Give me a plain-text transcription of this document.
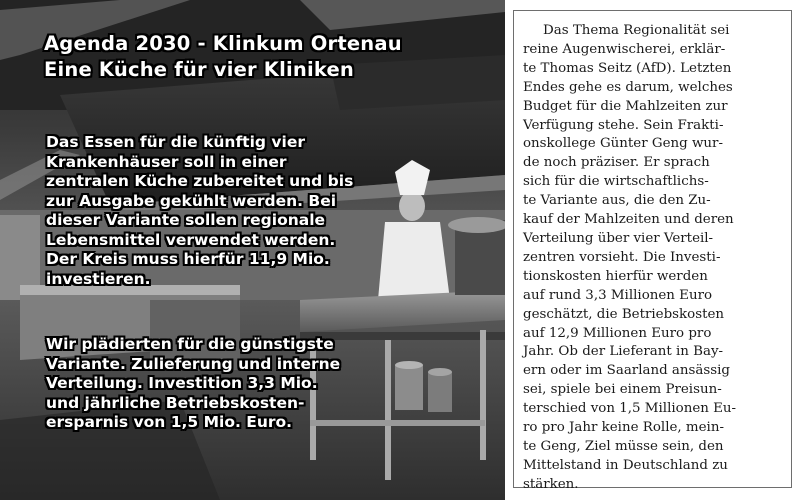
Agenda 2030 - Klinkum Ortenau
Eine Küche für vier Kliniken
Das Essen für die künftig vier
Krankenhäuser soll in einer
zentralen Küche zubereitet und bis
zur Ausgabe gekühlt werden. Bei
dieser Variante sollen regionale
Lebensmittel verwendet werden.
Der Kreis muss hierfür 11,9 Mio.
investieren.
Wir plädierten für die günstigste
Variante. Zulieferung und interne
Verteilung. Investition 3,3 Mio.
und jährliche Betriebskosten-
ersparnis von 1,5 Mio. Euro.
Das Thema Regionalität sei
reine Augenwischerei, erklär-
te Thomas Seitz (AfD). Letzten
Endes gehe es darum, welches
Budget für die Mahlzeiten zur
Verfügung stehe. Sein Frakti-
onskollege Günter Geng wur-
de noch präziser. Er sprach
sich für die wirtschaftlichs-
te Variante aus, die den Zu-
kauf der Mahlzeiten und deren
Verteilung über vier Verteil-
zentren vorsieht. Die Investi-
tionskosten hierfür werden
auf rund 3,3 Millionen Euro
geschätzt, die Betriebskosten
auf 12,9 Millionen Euro pro
Jahr. Ob der Lieferant in Bay-
ern oder im Saarland ansässig
sei, spiele bei einem Preisun-
terschied von 1,5 Millionen Eu-
ro pro Jahr keine Rolle, mein-
te Geng, Ziel müsse sein, den
Mittelstand in Deutschland zu
stärken.
